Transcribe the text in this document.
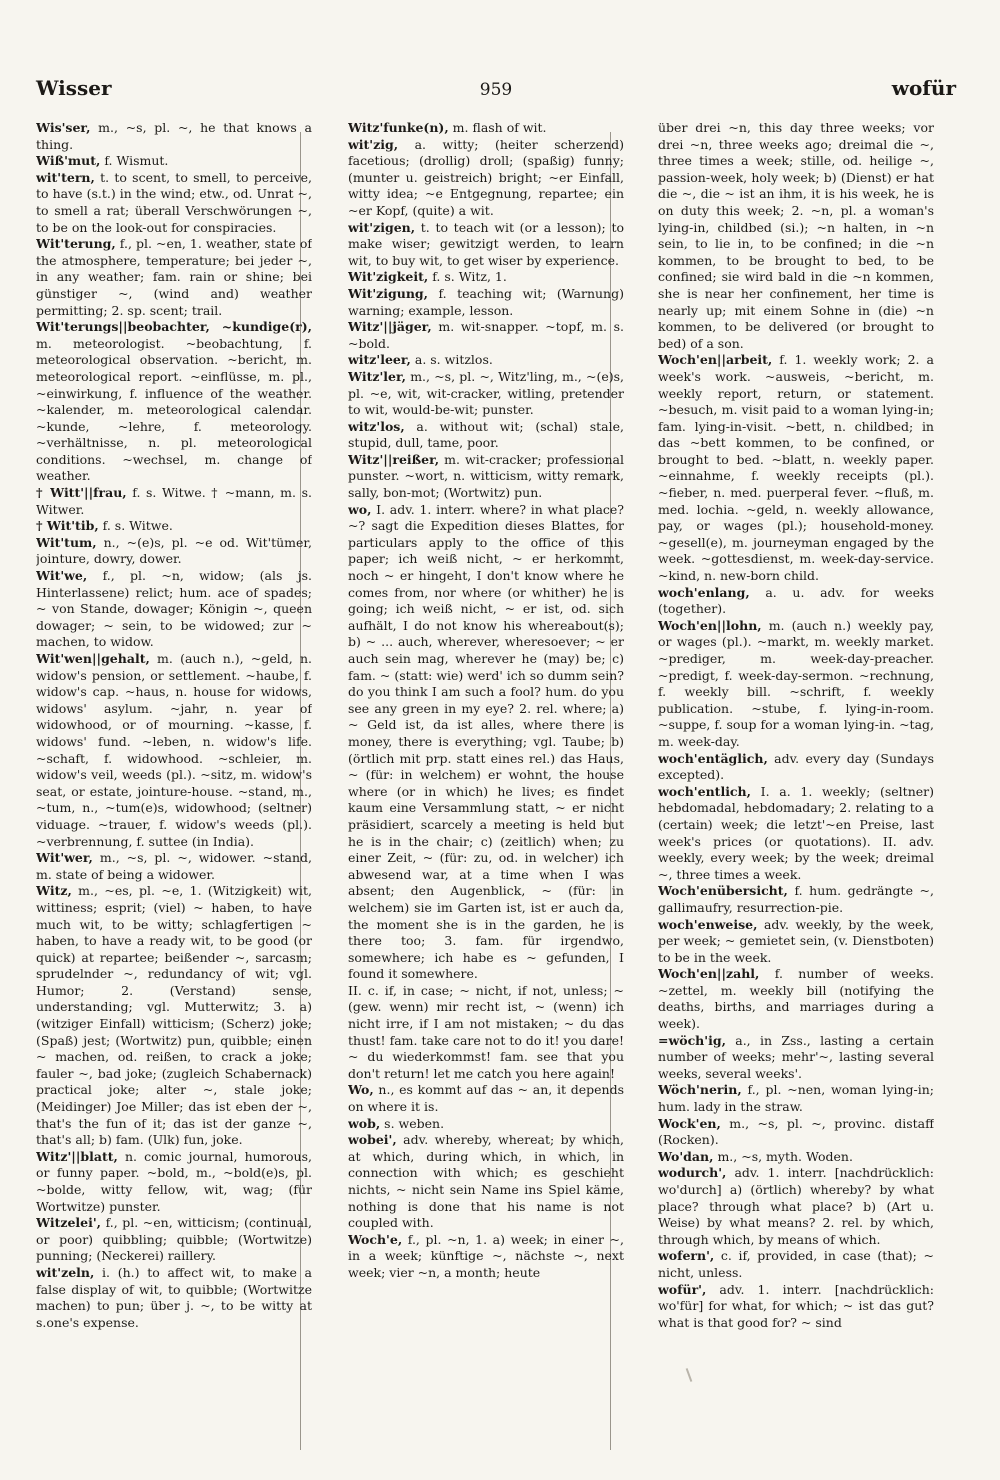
Wisser	959	wofür
Wis'ser, m., ~s, pl. ~, he that knows a thing.
Wiß'mut, f. Wismut.
wit'tern, t. to scent, to smell, to perceive, to have (s.t.) in the wind; etw., od. Unrat ~, to smell a rat; überall Verschwörungen ~, to be on the look-out for conspiracies.
Wit'terung, f., pl. ~en, 1. weather, state of the atmosphere, temperature; bei jeder ~, in any weather; fam. rain or shine; bei günstiger ~, (wind and) weather permitting; 2. sp. scent; trail.
Wit'terungs||beobachter, ~kundige(r), m. meteorologist. ~beobachtung, f. meteorological observation. ~bericht, m. meteorological report. ~einflüsse, m. pl., ~einwirkung, f. influence of the weather. ~kalender, m. meteorological calendar. ~kunde, ~lehre, f. meteorology. ~verhältnisse, n. pl. meteorological conditions. ~wechsel, m. change of weather.
† Witt'||frau, f. s. Witwe. † ~mann, m. s. Witwer.
† Wit'tib, f. s. Witwe.
Wit'tum, n., ~(e)s, pl. ~e od. Wit'tümer, jointure, dowry, dower.
Wit'we, f., pl. ~n, widow; (als js. Hinterlassene) relict; hum. ace of spades; ~ von Stande, dowager; Königin ~, queen dowager; ~ sein, to be widowed; zur ~ machen, to widow.
Wit'wen||gehalt, m. (auch n.), ~geld, n. widow's pension, or settlement. ~haube, f. widow's cap. ~haus, n. house for widows, widows' asylum. ~jahr, n. year of widowhood, or of mourning. ~kasse, f. widows' fund. ~leben, n. widow's life. ~schaft, f. widowhood. ~schleier, m. widow's veil, weeds (pl.). ~sitz, m. widow's seat, or estate, jointure-house. ~stand, m., ~tum, n., ~tum(e)s, widowhood; (seltner) viduage. ~trauer, f. widow's weeds (pl.). ~verbrennung, f. suttee (in India).
Wit'wer, m., ~s, pl. ~, widower. ~stand, m. state of being a widower.
Witz, m., ~es, pl. ~e, 1. (Witzigkeit) wit, wittiness; esprit; (viel) ~ haben, to have much wit, to be witty; schlagfertigen ~ haben, to have a ready wit, to be good (or quick) at repartee; beißender ~, sarcasm; sprudelnder ~, redundancy of wit; vgl. Humor; 2. (Verstand) sense, understanding; vgl. Mutterwitz; 3. a) (witziger Einfall) witticism; (Scherz) joke; (Spaß) jest; (Wortwitz) pun, quibble; einen ~ machen, od. reißen, to crack a joke; fauler ~, bad joke; (zugleich Schabernack) practical joke; alter ~, stale joke; (Meidinger) Joe Miller; das ist eben der ~, that's the fun of it; das ist der ganze ~, that's all; b) fam. (Ulk) fun, joke.
Witz'||blatt, n. comic journal, humorous, or funny paper. ~bold, m., ~bold(e)s, pl. ~bolde, witty fellow, wit, wag; (für Wortwitze) punster.
Witzelei', f., pl. ~en, witticism; (continual, or poor) quibbling; quibble; (Wortwitze) punning; (Neckerei) raillery.
wit'zeln, i. (h.) to affect wit, to make a false display of wit, to quibble; (Wortwitze machen) to pun; über j. ~, to be witty at s.one's expense.
Witz'funke(n), m. flash of wit.
wit'zig, a. witty; (heiter scherzend) facetious; (drollig) droll; (spaßig) funny; (munter u. geistreich) bright; ~er Einfall, witty idea; ~e Entgegnung, repartee; ein ~er Kopf, (quite) a wit.
wit'zigen, t. to teach wit (or a lesson); to make wiser; gewitzigt werden, to learn wit, to buy wit, to get wiser by experience.
Wit'zigkeit, f. s. Witz, 1.
Wit'zigung, f. teaching wit; (Warnung) warning; example, lesson.
Witz'||jäger, m. wit-snapper. ~topf, m. s. ~bold.
witz'leer, a. s. witzlos.
Witz'ler, m., ~s, pl. ~, Witz'ling, m., ~(e)s, pl. ~e, wit, wit-cracker, witling, pretender to wit, would-be-wit; punster.
witz'los, a. without wit; (schal) stale, stupid, dull, tame, poor.
Witz'||reißer, m. wit-cracker; professional punster. ~wort, n. witticism, witty remark, sally, bon-mot; (Wortwitz) pun.
wo, I. adv. 1. interr. where? in what place? ~? sagt die Expedition dieses Blattes, for particulars apply to the office of this paper; ich weiß nicht, ~ er herkommt, noch ~ er hingeht, I don't know where he comes from, nor where (or whither) he is going; ich weiß nicht, ~ er ist, od. sich aufhält, I do not know his whereabout(s); b) ~ ... auch, wherever, wheresoever; ~ er auch sein mag, wherever he (may) be; c) fam. ~ (statt: wie) werd' ich so dumm sein? do you think I am such a fool? hum. do you see any green in my eye? 2. rel. where; a) ~ Geld ist, da ist alles, where there is money, there is everything; vgl. Taube; b) (örtlich mit prp. statt eines rel.) das Haus, ~ (für: in welchem) er wohnt, the house where (or in which) he lives; es findet kaum eine Versammlung statt, ~ er nicht präsidiert, scarcely a meeting is held but he is in the chair; c) (zeitlich) when; zu einer Zeit, ~ (für: zu, od. in welcher) ich abwesend war, at a time when I was absent; den Augenblick, ~ (für: in welchem) sie im Garten ist, ist er auch da, the moment she is in the garden, he is there too; 3. fam. für irgendwo, somewhere; ich habe es ~ gefunden, I found it somewhere.
II. c. if, in case; ~ nicht, if not, unless; ~ (gew. wenn) mir recht ist, ~ (wenn) ich nicht irre, if I am not mistaken; ~ du das thust! fam. take care not to do it! you dare! ~ du wiederkommst! fam. see that you don't return! let me catch you here again!
Wo, n., es kommt auf das ~ an, it depends on where it is.
wob, s. weben.
wobei', adv. whereby, whereat; by which, at which, during which, in which, in connection with which; es geschieht nichts, ~ nicht sein Name ins Spiel käme, nothing is done that his name is not coupled with.
Woch'e, f., pl. ~n, 1. a) week; in einer ~, in a week; künftige ~, nächste ~, next week; vier ~n, a month; heute
über drei ~n, this day three weeks; vor drei ~n, three weeks ago; dreimal die ~, three times a week; stille, od. heilige ~, passion-week, holy week; b) (Dienst) er hat die ~, die ~ ist an ihm, it is his week, he is on duty this week; 2. ~n, pl. a woman's lying-in, childbed (si.); ~n halten, in ~n sein, to lie in, to be confined; in die ~n kommen, to be brought to bed, to be confined; sie wird bald in die ~n kommen, she is near her confinement, her time is nearly up; mit einem Sohne in (die) ~n kommen, to be delivered (or brought to bed) of a son.
Woch'en||arbeit, f. 1. weekly work; 2. a week's work. ~ausweis, ~bericht, m. weekly report, return, or statement. ~besuch, m. visit paid to a woman lying-in; fam. lying-in-visit. ~bett, n. childbed; in das ~bett kommen, to be confined, or brought to bed. ~blatt, n. weekly paper. ~einnahme, f. weekly receipts (pl.). ~fieber, n. med. puerperal fever. ~fluß, m. med. lochia. ~geld, n. weekly allowance, pay, or wages (pl.); household-money. ~gesell(e), m. journeyman engaged by the week. ~gottesdienst, m. week-day-service. ~kind, n. new-born child.
woch'enlang, a. u. adv. for weeks (together).
Woch'en||lohn, m. (auch n.) weekly pay, or wages (pl.). ~markt, m. weekly market. ~prediger, m. week-day-preacher. ~predigt, f. week-day-sermon. ~rechnung, f. weekly bill. ~schrift, f. weekly publication. ~stube, f. lying-in-room. ~suppe, f. soup for a woman lying-in. ~tag, m. week-day.
woch'entäglich, adv. every day (Sundays excepted).
woch'entlich, I. a. 1. weekly; (seltner) hebdomadal, hebdomadary; 2. relating to a (certain) week; die letzt'~en Preise, last week's prices (or quotations). II. adv. weekly, every week; by the week; dreimal ~, three times a week.
Woch'enübersicht, f. hum. gedrängte ~, gallimaufry, resurrection-pie.
woch'enweise, adv. weekly, by the week, per week; ~ gemietet sein, (v. Dienstboten) to be in the week.
Woch'en||zahl, f. number of weeks. ~zettel, m. weekly bill (notifying the deaths, births, and marriages during a week).
=wöch'ig, a., in Zss., lasting a certain number of weeks; mehr'~, lasting several weeks, several weeks'.
Wöch'nerin, f., pl. ~nen, woman lying-in; hum. lady in the straw.
Wock'en, m., ~s, pl. ~, provinc. distaff (Rocken).
Wo'dan, m., ~s, myth. Woden.
wodurch', adv. 1. interr. [nachdrücklich: wo'durch] a) (örtlich) whereby? by what place? through what place? b) (Art u. Weise) by what means? 2. rel. by which, through which, by means of which.
wofern', c. if, provided, in case (that); ~ nicht, unless.
wofür', adv. 1. interr. [nachdrücklich: wo'für] for what, for which; ~ ist das gut? what is that good for? ~ sind
